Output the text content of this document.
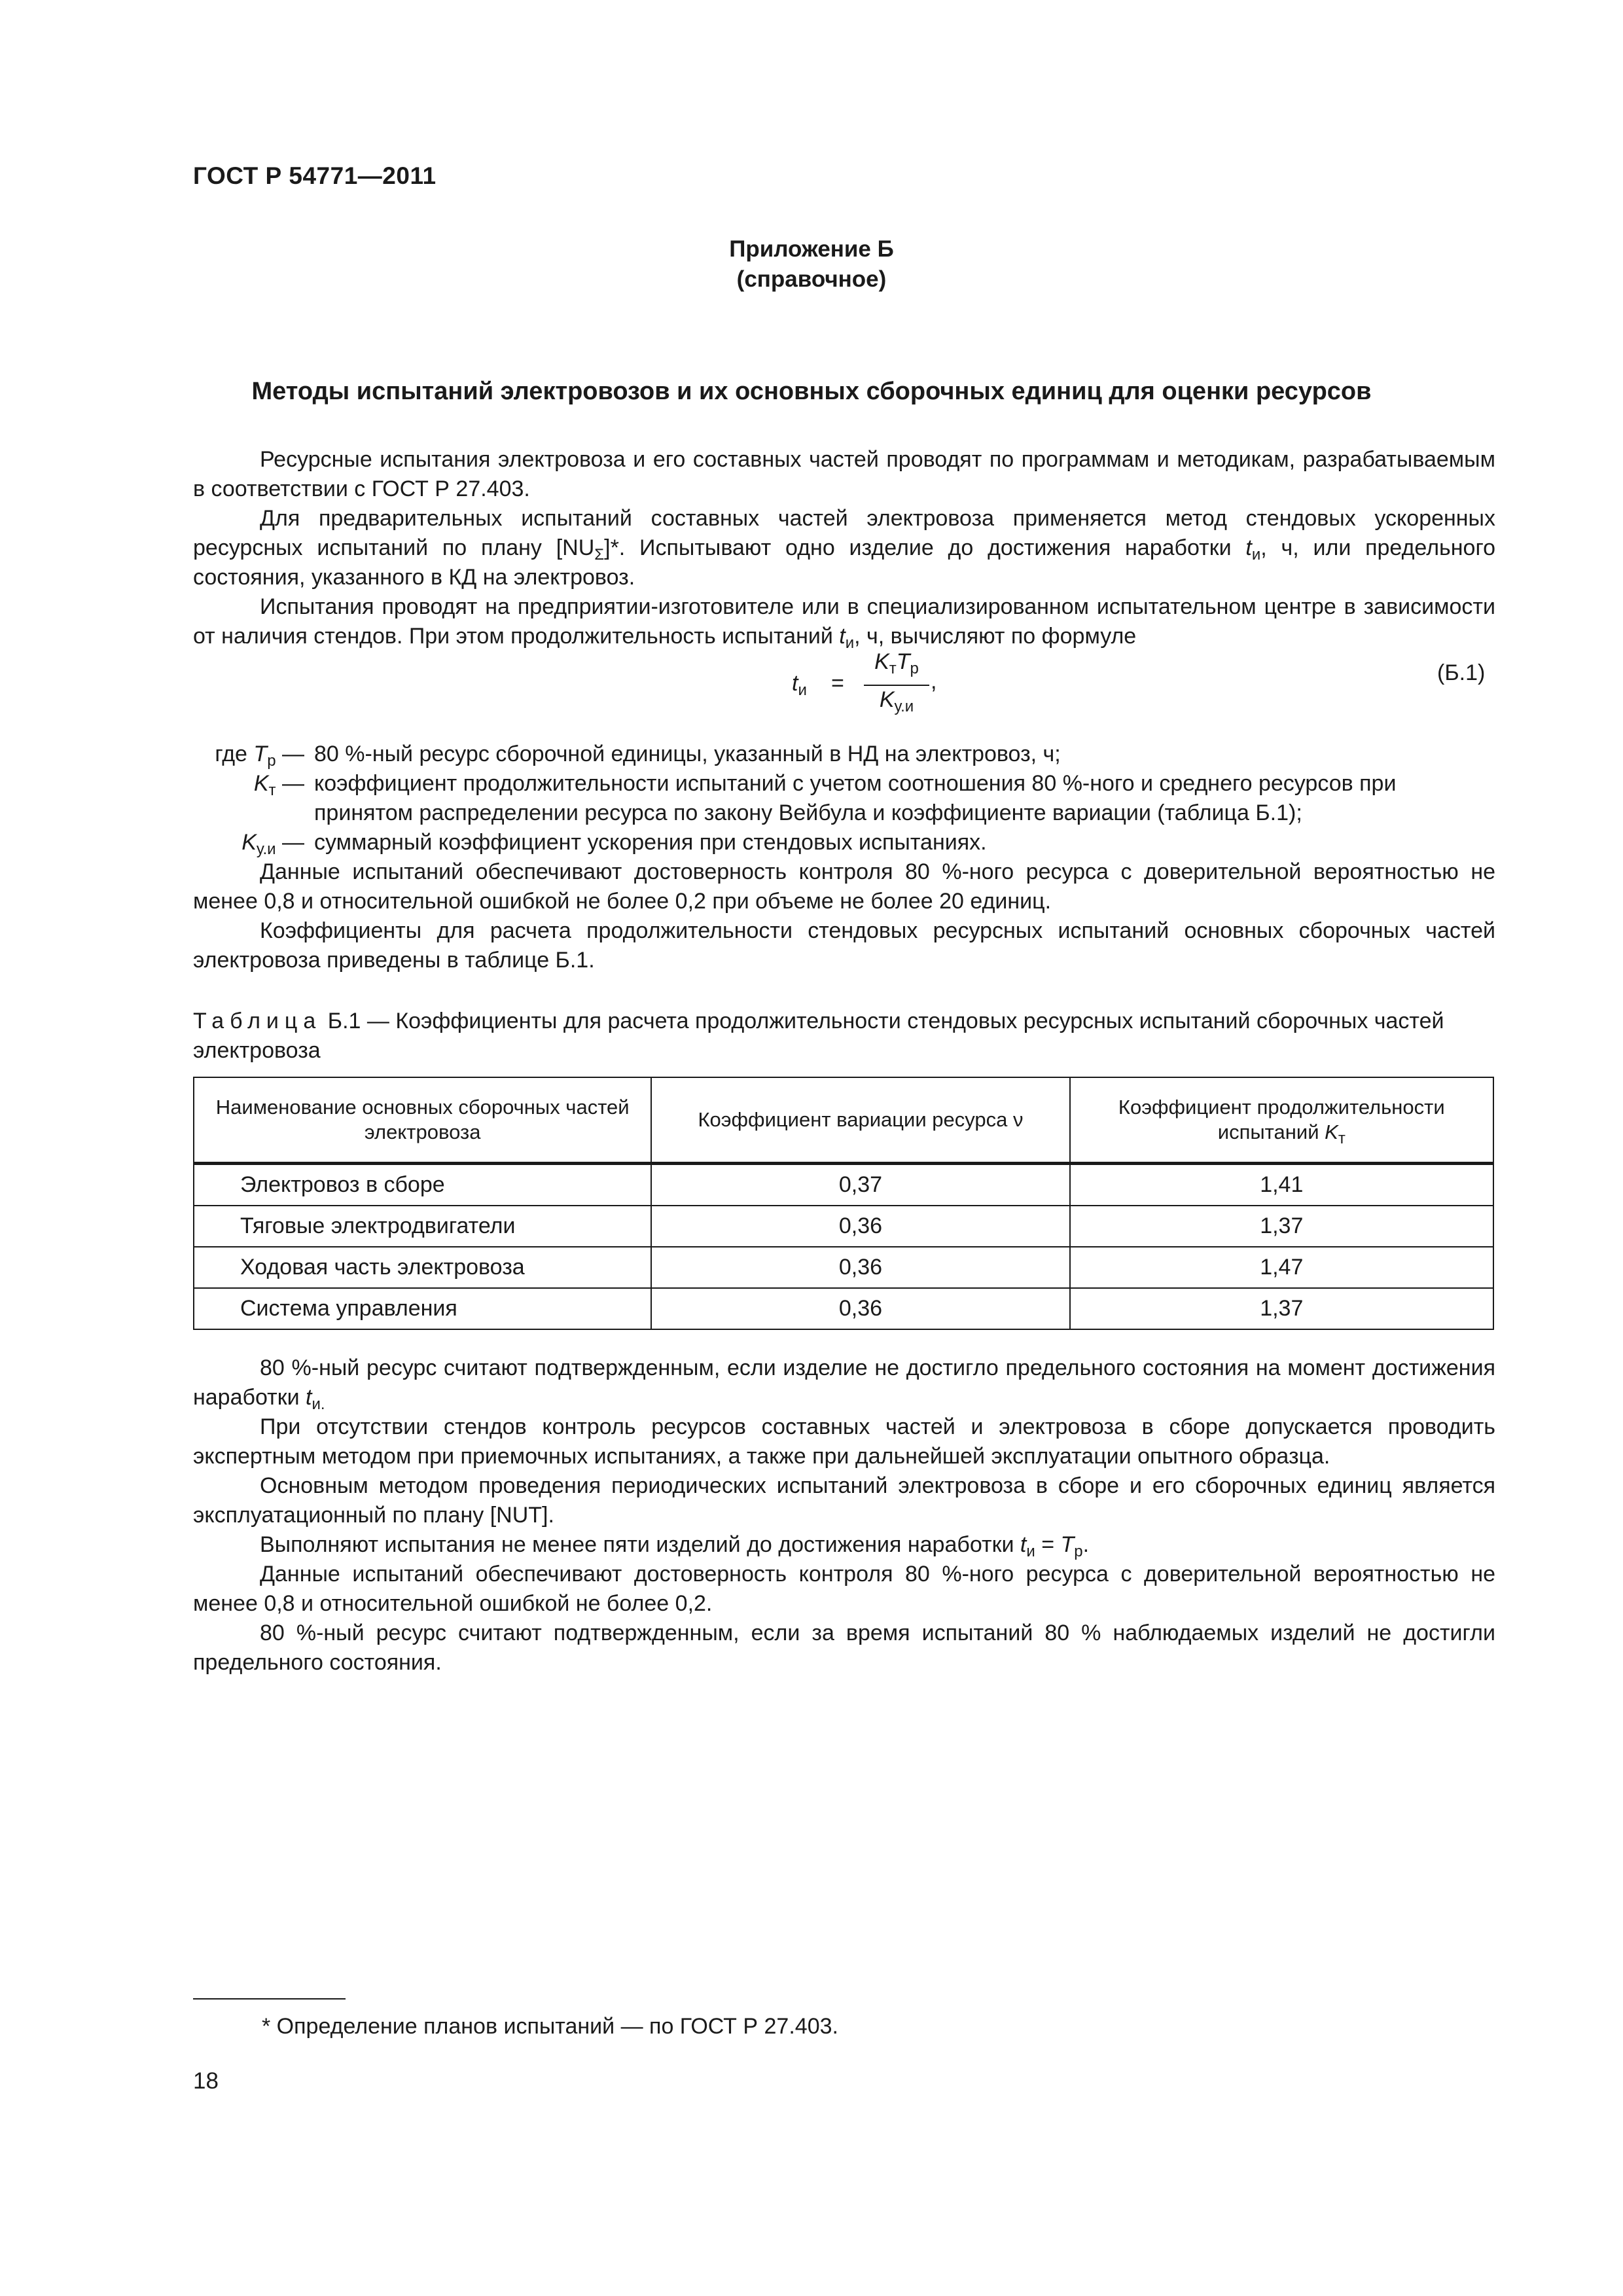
ГОСТ Р 54771—2011
Приложение Б
(справочное)
Методы испытаний электровозов и их основных сборочных единиц для оценки ресурсов

Ресурсные испытания электровоза и его составных частей проводят по программам и методикам, разрабатываемым в соответствии с ГОСТ Р 27.403.

Для предварительных испытаний составных частей электровоза применяется метод стендовых ускоренных ресурсных испытаний по плану $[NU_\Sigma]*$. Испытывают одно изделие до достижения наработки $t_и$, ч, или предельного состояния, указанного в КД на электровоз.

Испытания проводят на предприятии-изготовителе или в специализированном испытательном центре в зависимости от наличия стендов. При этом продолжительность испытаний $t_и$, ч, вычисляют по формуле

$t_и$ =
$K_тT_р$
$K_{у.и}$
,	(Б.1)
где $T_р$ — 80 %-ный ресурс сборочной единицы, указанный в НД на электровоз, ч;
$K_т$ — коэффициент продолжительности испытаний с учетом соотношения 80 %-ного и среднего ресурсов при принятом распределении ресурса по закону Вейбула и коэффициенте вариации (таблица Б.1);
$K_{у.и}$ — суммарный коэффициент ускорения при стендовых испытаниях.

Данные испытаний обеспечивают достоверность контроля 80 %-ного ресурса с доверительной вероятностью не менее 0,8 и относительной ошибкой не более 0,2 при объеме не более 20 единиц.

Коэффициенты для расчета продолжительности стендовых ресурсных испытаний основных сборочных частей электровоза приведены в таблице Б.1.

Таблица Б.1 — Коэффициенты для расчета продолжительности стендовых ресурсных испытаний сборочных частей электровоза
Наименование основных сборочных частей электровоза	Коэффициент вариации ресурса ν	Коэффициент продолжительности испытаний $K_т$
Электровоз в сборе	0,37	1,41
Тяговые электродвигатели	0,36	1,37
Ходовая часть электровоза	0,36	1,47
Система управления	0,36	1,37

80 %-ный ресурс считают подтвержденным, если изделие не достигло предельного состояния на момент достижения наработки $t_{и.}$

При отсутствии стендов контроль ресурсов составных частей и электровоза в сборе допускается проводить экспертным методом при приемочных испытаниях, а также при дальнейшей эксплуатации опытного образца.

Основным методом проведения периодических испытаний электровоза в сборе и его сборочных единиц является эксплуатационный по плану [NUT].

Выполняют испытания не менее пяти изделий до достижения наработки $t_и = T_р$.

Данные испытаний обеспечивают достоверность контроля 80 %-ного ресурса с доверительной вероятностью не менее 0,8 и относительной ошибкой не более 0,2.

80 %-ный ресурс считают подтвержденным, если за время испытаний 80 % наблюдаемых изделий не достигли предельного состояния.

* Определение планов испытаний — по ГОСТ Р 27.403.
18
